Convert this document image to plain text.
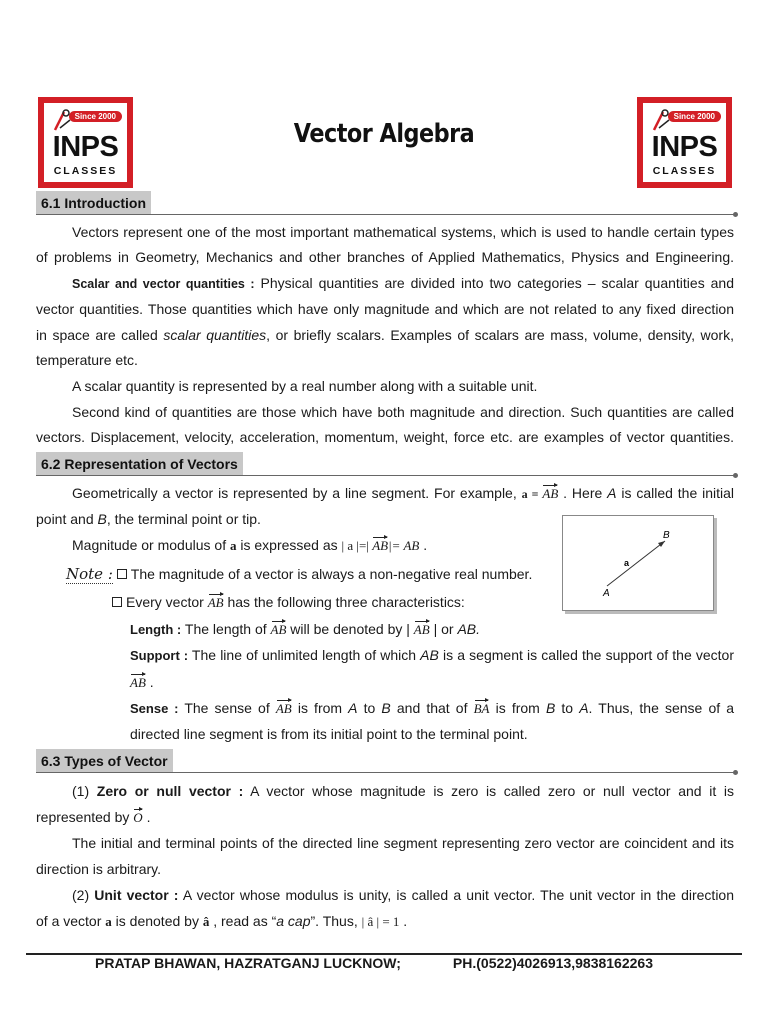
Since 2000
INPS
CLASSES
Since 2000
INPS
CLASSES
Vector Algebra
6.1 Introduction
Vectors represent one of the most important mathematical systems, which is used to handle certain types
of problems in Geometry, Mechanics and other branches of Applied Mathematics, Physics and Engineering.
Scalar and vector quantities : Physical quantities are divided into two categories – scalar quantities and
vector quantities. Those quantities which have only magnitude and which are not related to any fixed direction
in space are called scalar quantities, or briefly scalars. Examples of scalars are mass, volume, density, work,
temperature etc.
A scalar quantity is represented by a real number along with a suitable unit.
Second kind of quantities are those which have both magnitude and direction. Such quantities are called
vectors. Displacement, velocity, acceleration, momentum, weight, force etc. are examples of vector quantities.
6.2 Representation of Vectors
Geometrically a vector is represented by a line segment. For example, a = AB . Here A is called the initial
point and B, the terminal point or tip.
Magnitude or modulus of a is expressed as | a |=| AB|= AB .
Note : The magnitude of a vector is always a non-negative real number.
Every vector AB has the following three characteristics:
Length : The length of AB will be denoted by | AB | or AB.
Support : The line of unlimited length of which AB is a segment is called the support of the vector
AB .
Sense : The sense of AB is from A to B and that of BA is from B to A. Thus, the sense of a
directed line segment is from its initial point to the terminal point.
A
B
a
6.3 Types of Vector
(1) Zero or null vector : A vector whose magnitude is zero is called zero or null vector and it is
represented by O .
The initial and terminal points of the directed line segment representing zero vector are coincident and its
direction is arbitrary.
(2) Unit vector : A vector whose modulus is unity, is called a unit vector. The unit vector in the direction
of a vector a is denoted by â , read as “a cap”. Thus, | â | = 1 .
PRATAP BHAWAN, HAZRATGANJ LUCKNOW;	PH.(0522)4026913,9838162263
